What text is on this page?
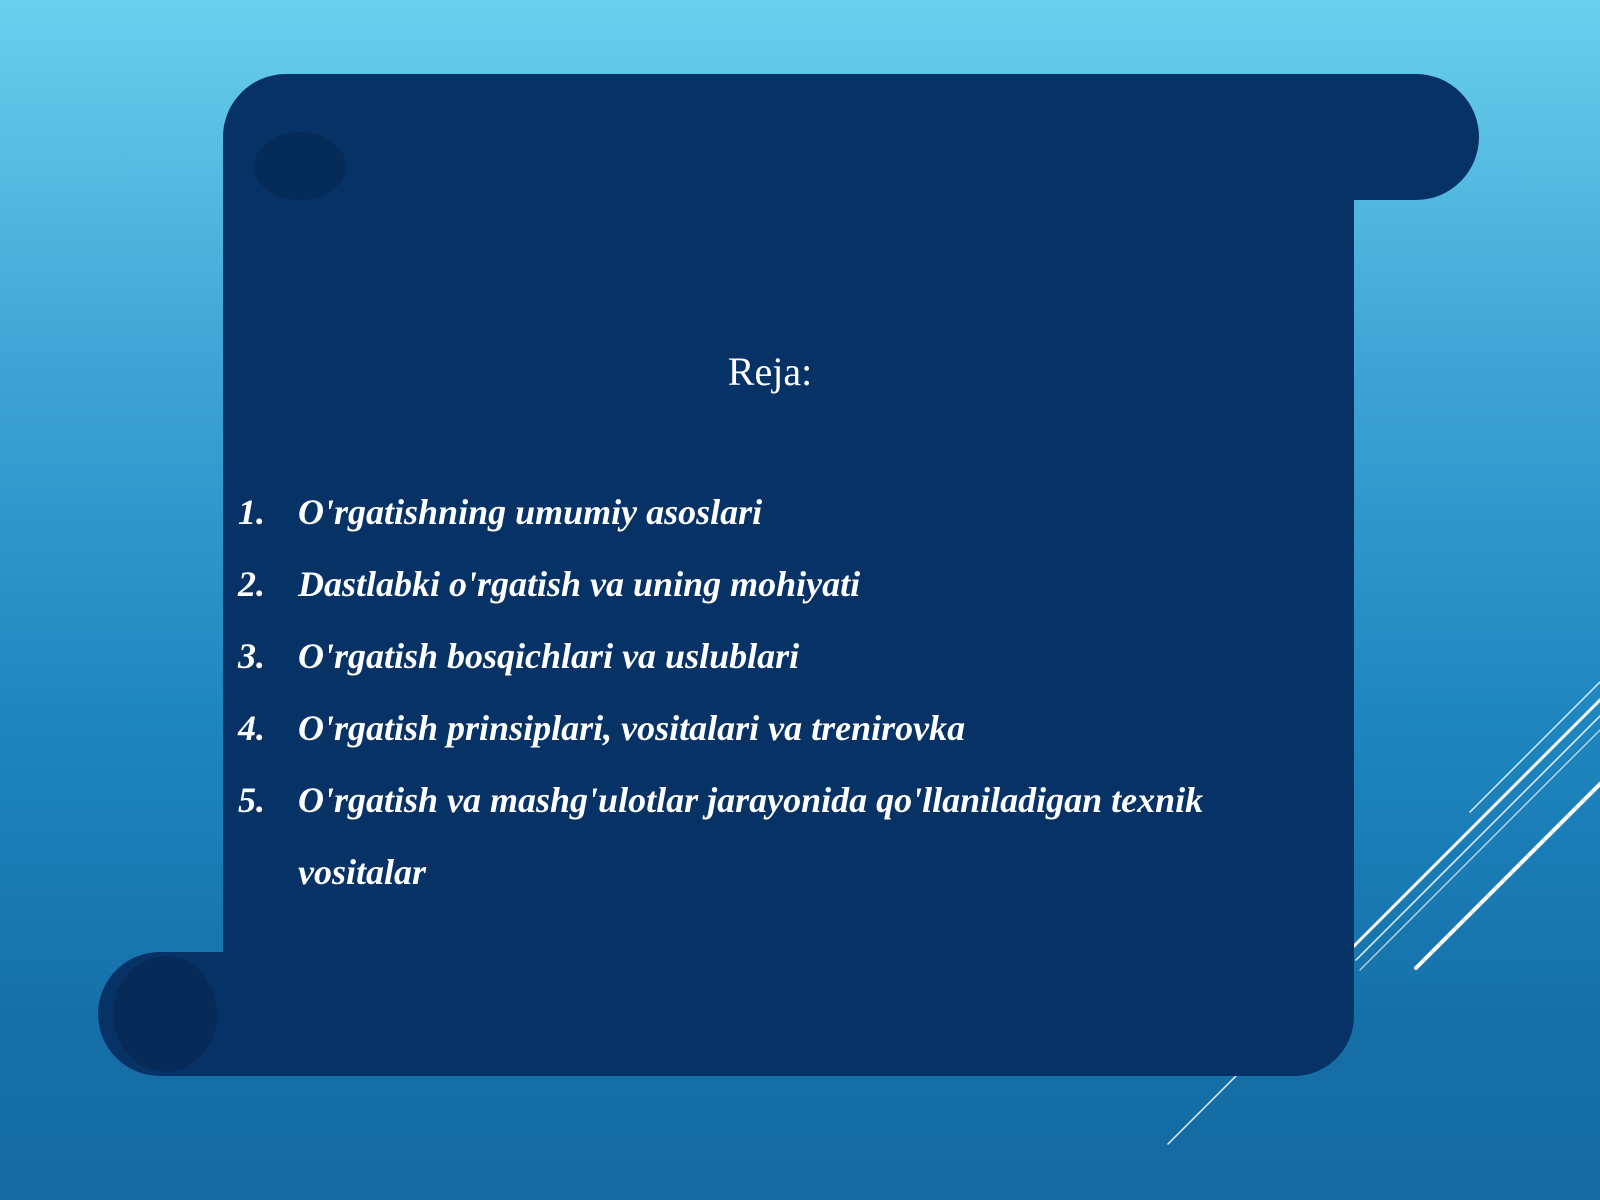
Reja:
1. O'rgatishning umumiy asoslari
2. Dastlabki o'rgatish va uning mohiyati
3. O'rgatish bosqichlari va uslublari
4. O'rgatish prinsiplari, vositalari va trenirovka
5. O'rgatish va mashg'ulotlar jarayonida qo'llaniladigan texnik vositalar
